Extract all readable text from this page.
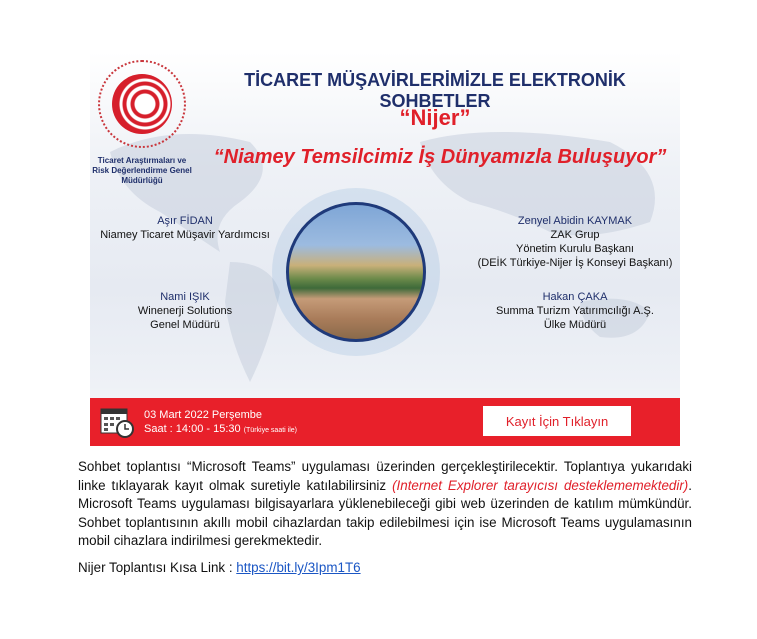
Ticaret Araştırmaları ve Risk Değerlendirme Genel Müdürlüğü
TİCARET MÜŞAVİRLERİMİZLE ELEKTRONİK SOHBETLER
“Nijer”
“Niamey Temsilcimiz İş Dünyamızla Buluşuyor”
Aşır FİDAN
Niamey Ticaret Müşavir Yardımcısı
Nami IŞIK
Winenerji Solutions
Genel Müdürü
Zenyel Abidin KAYMAK
ZAK Grup
Yönetim Kurulu Başkanı
(DEİK Türkiye-Nijer İş Konseyi Başkanı)
Hakan ÇAKA
Summa Turizm Yatırımcılığı A.Ş.
Ülke Müdürü
03 Mart 2022 Perşembe
Saat : 14:00 - 15:30 (Türkiye saati ile)
Kayıt İçin Tıklayın
Sohbet toplantısı “Microsoft Teams” uygulaması üzerinden gerçekleştirilecektir. Toplantıya yukarıdaki linke tıklayarak kayıt olmak suretiyle katılabilirsiniz (Internet Explorer tarayıcısı desteklememektedir). Microsoft Teams uygulaması bilgisayarlara yüklenebileceği gibi web üzerinden de katılım mümkündür. Sohbet toplantısının akıllı mobil cihazlardan takip edilebilmesi için ise Microsoft Teams uygulamasının mobil cihazlara indirilmesi gerekmektedir.
Nijer Toplantısı Kısa Link : https://bit.ly/3Ipm1T6
